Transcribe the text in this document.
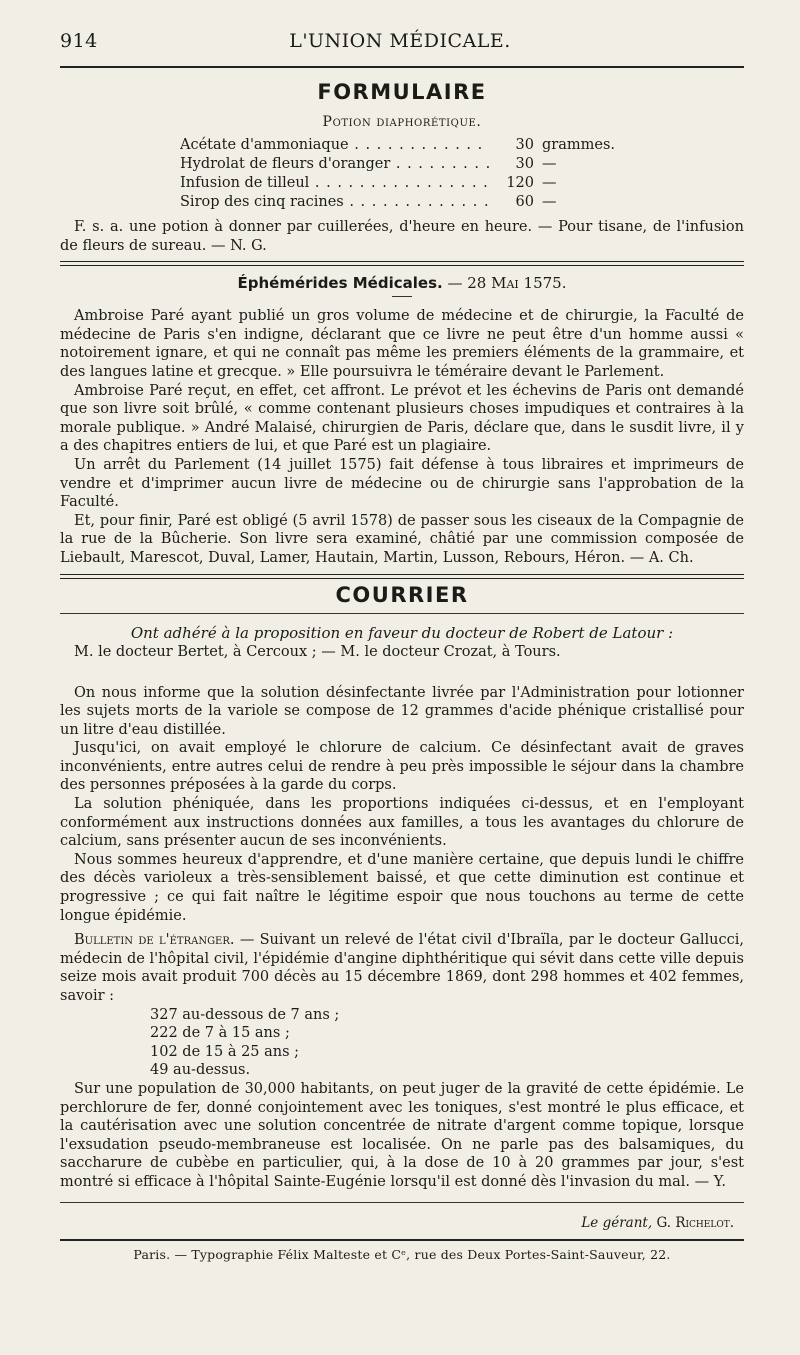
914	L'UNION MÉDICALE.
FORMULAIRE
Potion diaphorétique.
Acétate d'ammoniaque . . .	30 grammes.
Hydrolat de fleurs d'oranger . . .	30 —
Infusion de tilleul . . .	120 —
Sirop des cinq racines . . .	60 —

F. s. a. une potion à donner par cuillerées, d'heure en heure. — Pour tisane, de l'infusion de fleurs de sureau. — N. G.

Éphémérides Médicales. — 28 Mai 1575.

Ambroise Paré ayant publié un gros volume de médecine et de chirurgie, la Faculté de médecine de Paris s'en indigne, déclarant que ce livre ne peut être d'un homme aussi « notoirement ignare, et qui ne connaît pas même les premiers éléments de la grammaire, et des langues latine et grecque. » Elle poursuivra le téméraire devant le Parlement.

Ambroise Paré reçut, en effet, cet affront. Le prévot et les échevins de Paris ont demandé que son livre soit brûlé, « comme contenant plusieurs choses impudiques et contraires à la morale publique. » André Malaisé, chirurgien de Paris, déclare que, dans le susdit livre, il y a des chapitres entiers de lui, et que Paré est un plagiaire.

Un arrêt du Parlement (14 juillet 1575) fait défense à tous libraires et imprimeurs de vendre et d'imprimer aucun livre de médecine ou de chirurgie sans l'approbation de la Faculté.

Et, pour finir, Paré est obligé (5 avril 1578) de passer sous les ciseaux de la Compagnie de la rue de la Bûcherie. Son livre sera examiné, châtié par une commission composée de Liebault, Marescot, Duval, Lamer, Hautain, Martin, Lusson, Rebours, Héron. — A. Ch.

COURRIER
Ont adhéré à la proposition en faveur du docteur de Robert de Latour :
M. le docteur Bertet, à Cercoux ; — M. le docteur Crozat, à Tours.

On nous informe que la solution désinfectante livrée par l'Administration pour lotionner les sujets morts de la variole se compose de 12 grammes d'acide phénique cristallisé pour un litre d'eau distillée.

Jusqu'ici, on avait employé le chlorure de calcium. Ce désinfectant avait de graves inconvénients, entre autres celui de rendre à peu près impossible le séjour dans la chambre des personnes préposées à la garde du corps.

La solution phéniquée, dans les proportions indiquées ci-dessus, et en l'employant conformément aux instructions données aux familles, a tous les avantages du chlorure de calcium, sans présenter aucun de ses inconvénients.

Nous sommes heureux d'apprendre, et d'une manière certaine, que depuis lundi le chiffre des décès varioleux a très-sensiblement baissé, et que cette diminution est continue et progressive ; ce qui fait naître le légitime espoir que nous touchons au terme de cette longue épidémie.

Bulletin de l'étranger. — Suivant un relevé de l'état civil d'Ibraïla, par le docteur Gallucci, médecin de l'hôpital civil, l'épidémie d'angine diphthéritique qui sévit dans cette ville depuis seize mois avait produit 700 décès au 15 décembre 1869, dont 298 hommes et 402 femmes, savoir :

327 au-dessous de 7 ans ;
222 de 7 à 15 ans ;
102 de 15 à 25 ans ;
49 au-dessus.

Sur une population de 30,000 habitants, on peut juger de la gravité de cette épidémie. Le perchlorure de fer, donné conjointement avec les toniques, s'est montré le plus efficace, et la cautérisation avec une solution concentrée de nitrate d'argent comme topique, lorsque l'exsudation pseudo-membraneuse est localisée. On ne parle pas des balsamiques, du saccharure de cubèbe en particulier, qui, à la dose de 10 à 20 grammes par jour, s'est montré si efficace à l'hôpital Sainte-Eugénie lorsqu'il est donné dès l'invasion du mal. — Y.

Le gérant, G. Richelot.
Paris. — Typographie Félix Malteste et Cᵉ, rue des Deux Portes-Saint-Sauveur, 22.
